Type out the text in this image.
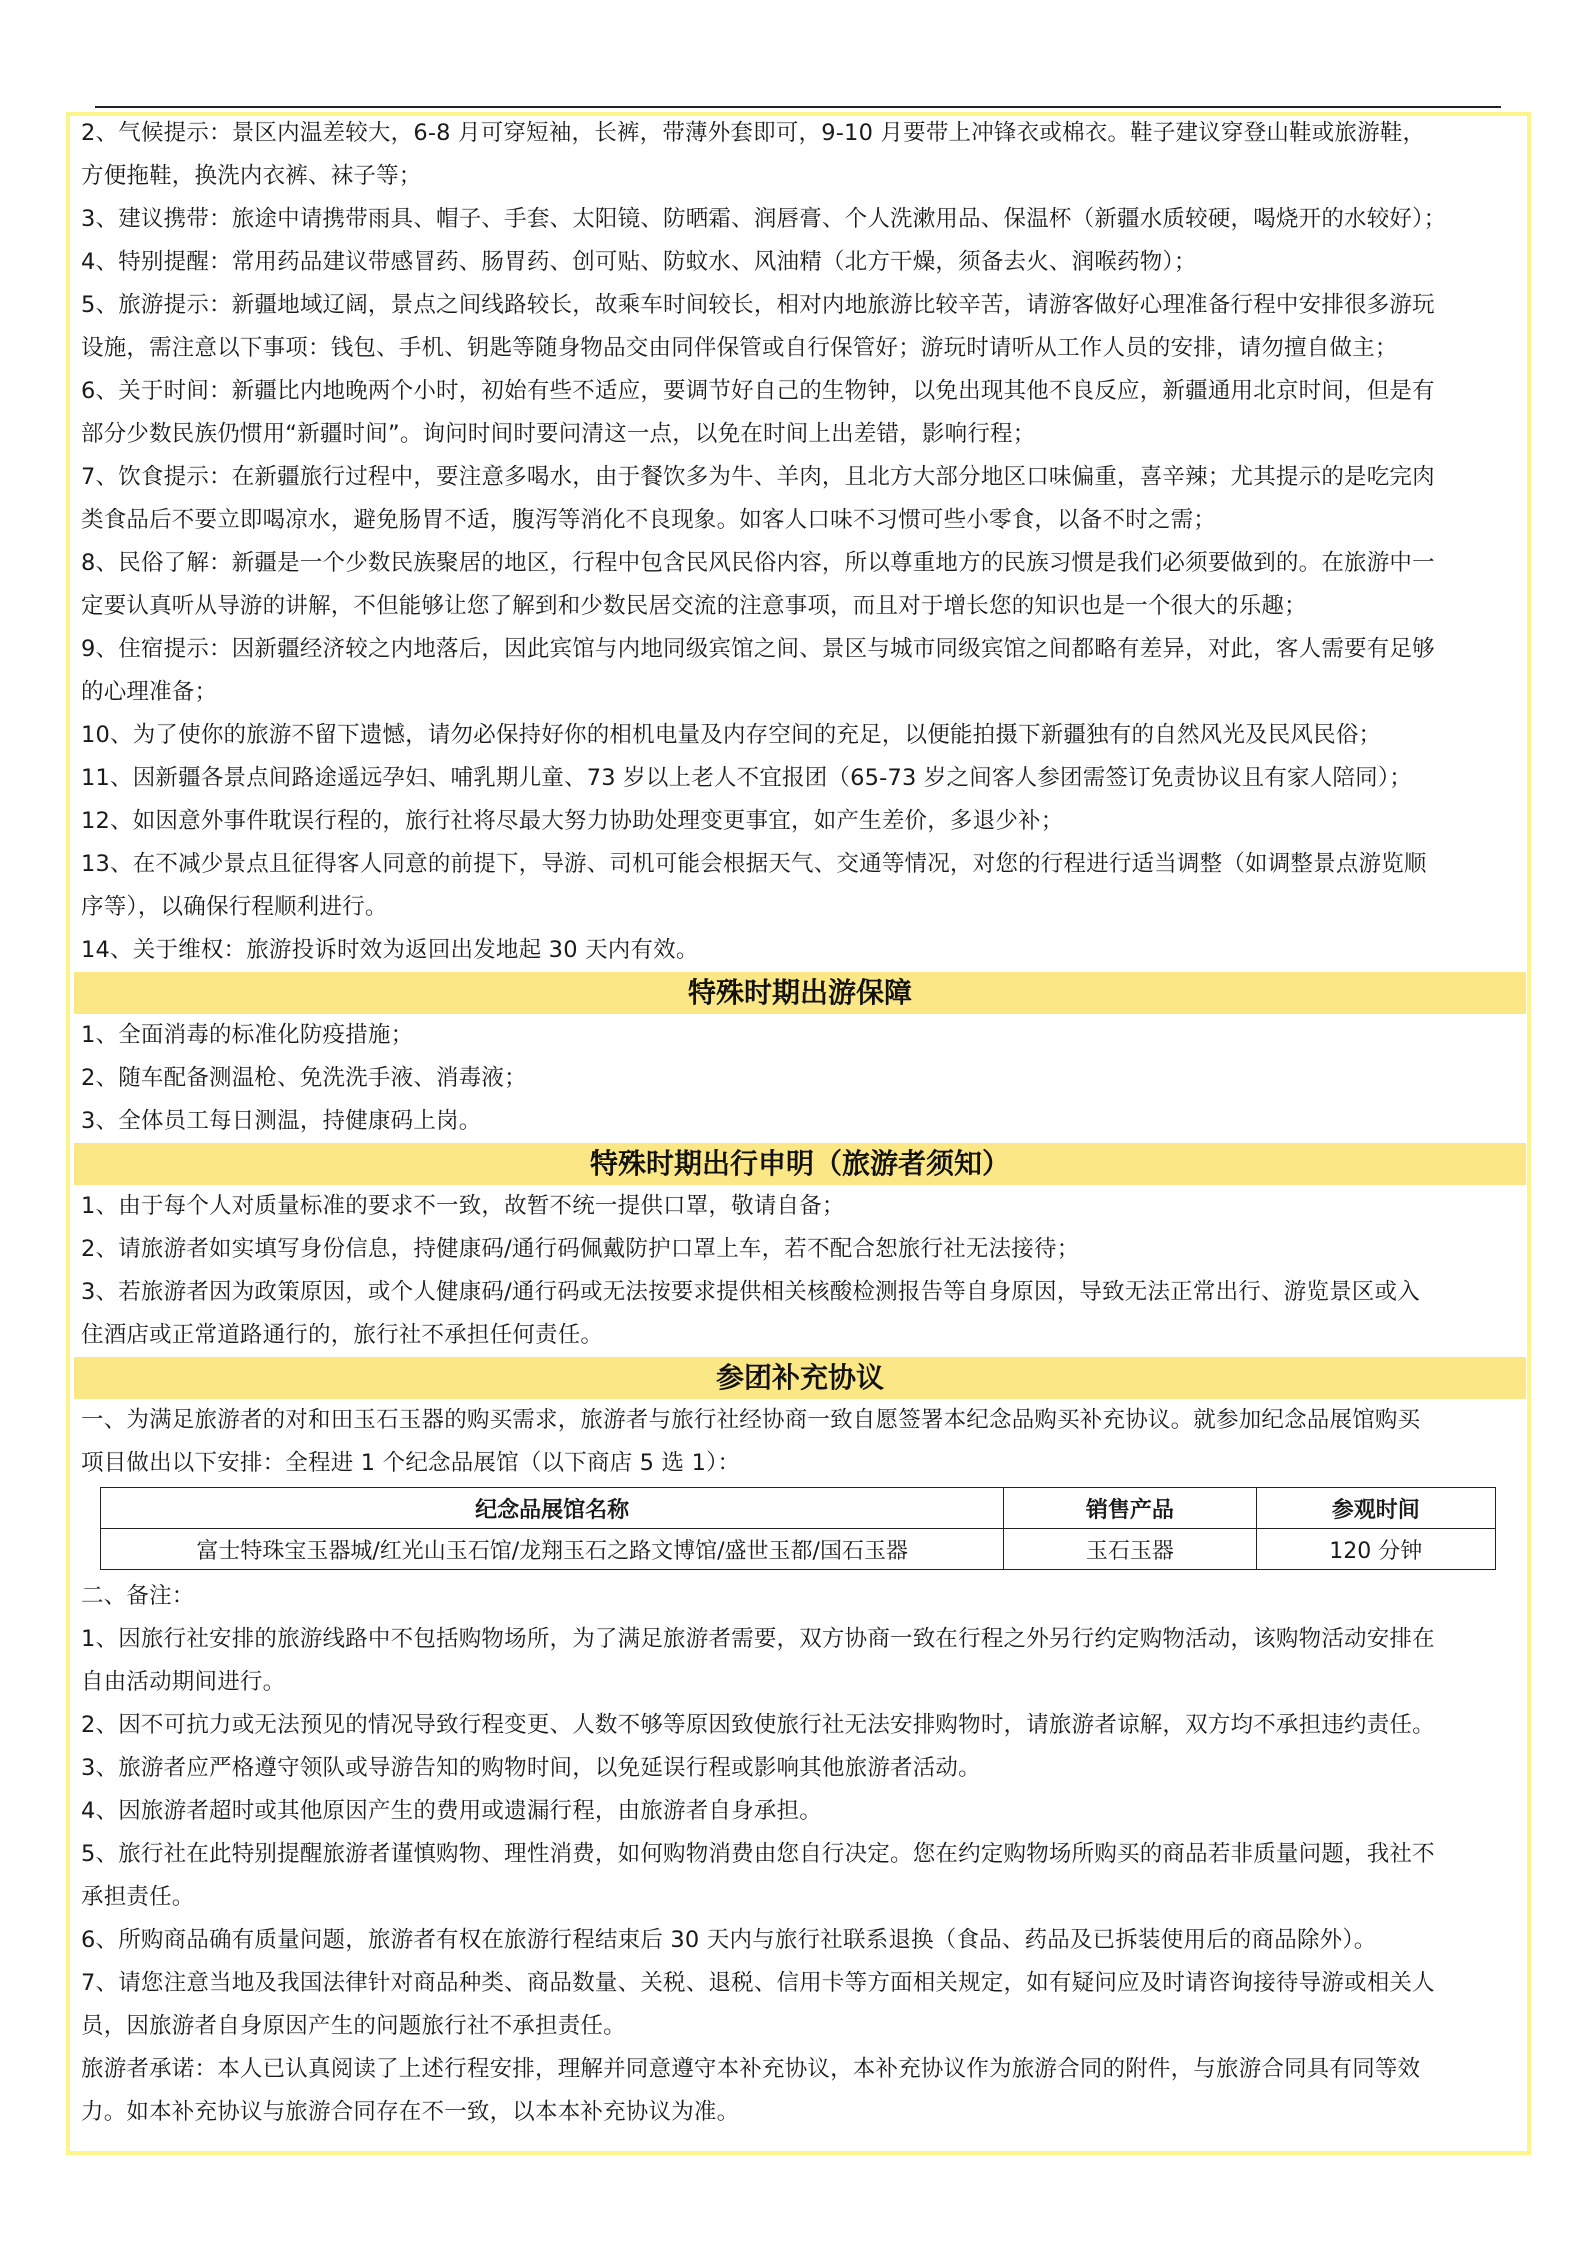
2、气候提示：景区内温差较大，6-8 月可穿短袖，长裤，带薄外套即可，9-10 月要带上冲锋衣或棉衣。鞋子建议穿登山鞋或旅游鞋，
方便拖鞋，换洗内衣裤、袜子等；
3、建议携带：旅途中请携带雨具、帽子、手套、太阳镜、防晒霜、润唇膏、个人洗漱用品、保温杯（新疆水质较硬，喝烧开的水较好）；
4、特别提醒：常用药品建议带感冒药、肠胃药、创可贴、防蚊水、风油精（北方干燥，须备去火、润喉药物）；
5、旅游提示：新疆地域辽阔，景点之间线路较长，故乘车时间较长，相对内地旅游比较辛苦，请游客做好心理准备行程中安排很多游玩
设施，需注意以下事项：钱包、手机、钥匙等随身物品交由同伴保管或自行保管好；游玩时请听从工作人员的安排，请勿擅自做主；
6、关于时间：新疆比内地晚两个小时，初始有些不适应，要调节好自己的生物钟，以免出现其他不良反应，新疆通用北京时间，但是有
部分少数民族仍惯用“新疆时间”。询问时间时要问清这一点，以免在时间上出差错，影响行程；
7、饮食提示：在新疆旅行过程中，要注意多喝水，由于餐饮多为牛、羊肉，且北方大部分地区口味偏重，喜辛辣；尤其提示的是吃完肉
类食品后不要立即喝凉水，避免肠胃不适，腹泻等消化不良现象。如客人口味不习惯可些小零食，以备不时之需；
8、民俗了解：新疆是一个少数民族聚居的地区，行程中包含民风民俗内容，所以尊重地方的民族习惯是我们必须要做到的。在旅游中一
定要认真听从导游的讲解，不但能够让您了解到和少数民居交流的注意事项，而且对于增长您的知识也是一个很大的乐趣；
9、住宿提示：因新疆经济较之内地落后，因此宾馆与内地同级宾馆之间、景区与城市同级宾馆之间都略有差异，对此，客人需要有足够
的心理准备；
10、为了使你的旅游不留下遗憾，请勿必保持好你的相机电量及内存空间的充足，以便能拍摄下新疆独有的自然风光及民风民俗；
11、因新疆各景点间路途遥远孕妇、哺乳期儿童、73 岁以上老人不宜报团（65-73 岁之间客人参团需签订免责协议且有家人陪同）；
12、如因意外事件耽误行程的，旅行社将尽最大努力协助处理变更事宜，如产生差价，多退少补；
13、在不减少景点且征得客人同意的前提下，导游、司机可能会根据天气、交通等情况，对您的行程进行适当调整（如调整景点游览顺
序等），以确保行程顺利进行。
14、关于维权：旅游投诉时效为返回出发地起 30 天内有效。
特殊时期出游保障
1、全面消毒的标准化防疫措施；
2、随车配备测温枪、免洗洗手液、消毒液；
3、全体员工每日测温，持健康码上岗。
特殊时期出行申明（旅游者须知）
1、由于每个人对质量标准的要求不一致，故暂不统一提供口罩，敬请自备；
2、请旅游者如实填写身份信息，持健康码/通行码佩戴防护口罩上车，若不配合恕旅行社无法接待；
3、若旅游者因为政策原因，或个人健康码/通行码或无法按要求提供相关核酸检测报告等自身原因，导致无法正常出行、游览景区或入
住酒店或正常道路通行的，旅行社不承担任何责任。
参团补充协议
一、为满足旅游者的对和田玉石玉器的购买需求，旅游者与旅行社经协商一致自愿签署本纪念品购买补充协议。就参加纪念品展馆购买
项目做出以下安排：全程进 1 个纪念品展馆（以下商店 5 选 1）：
纪念品展馆名称	销售产品	参观时间
富士特珠宝玉器城/红光山玉石馆/龙翔玉石之路文博馆/盛世玉都/国石玉器	玉石玉器	120 分钟
二、备注：
1、因旅行社安排的旅游线路中不包括购物场所，为了满足旅游者需要，双方协商一致在行程之外另行约定购物活动，该购物活动安排在
自由活动期间进行。
2、因不可抗力或无法预见的情况导致行程变更、人数不够等原因致使旅行社无法安排购物时，请旅游者谅解，双方均不承担违约责任。
3、旅游者应严格遵守领队或导游告知的购物时间，以免延误行程或影响其他旅游者活动。
4、因旅游者超时或其他原因产生的费用或遗漏行程，由旅游者自身承担。
5、旅行社在此特别提醒旅游者谨慎购物、理性消费，如何购物消费由您自行决定。您在约定购物场所购买的商品若非质量问题，我社不
承担责任。
6、所购商品确有质量问题，旅游者有权在旅游行程结束后 30 天内与旅行社联系退换（食品、药品及已拆装使用后的商品除外）。
7、请您注意当地及我国法律针对商品种类、商品数量、关税、退税、信用卡等方面相关规定，如有疑问应及时请咨询接待导游或相关人
员，因旅游者自身原因产生的问题旅行社不承担责任。
旅游者承诺：本人已认真阅读了上述行程安排，理解并同意遵守本补充协议，本补充协议作为旅游合同的附件，与旅游合同具有同等效
力。如本补充协议与旅游合同存在不一致，以本本补充协议为准。
